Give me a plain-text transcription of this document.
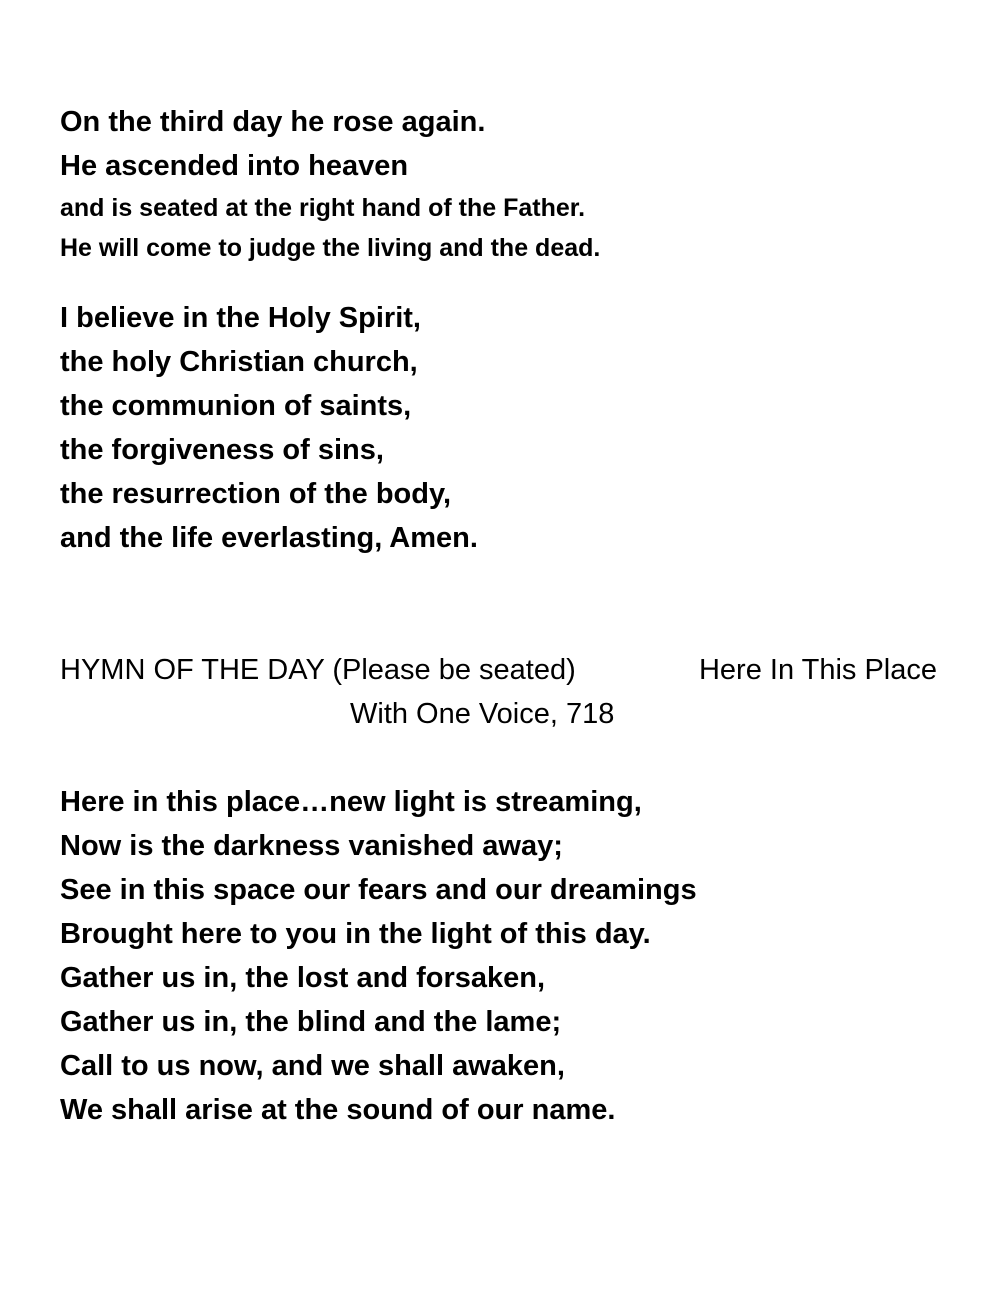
On the third day he rose again.
He ascended into heaven
and is seated at the right hand of the Father.
He will come to judge the living and the dead.
I believe in the Holy Spirit,
the holy Christian church,
the communion of saints,
the forgiveness of sins,
the resurrection of the body,
and the life everlasting, Amen.
HYMN OF THE DAY (Please be seated)	Here In This Place
With One Voice, 718
Here in this place…new light is streaming,
Now is the darkness vanished away;
See in this space our fears and our dreamings
Brought here to you in the light of this day.
Gather us in, the lost and forsaken,
Gather us in, the blind and the lame;
Call to us now, and we shall awaken,
We shall arise at the sound of our name.
